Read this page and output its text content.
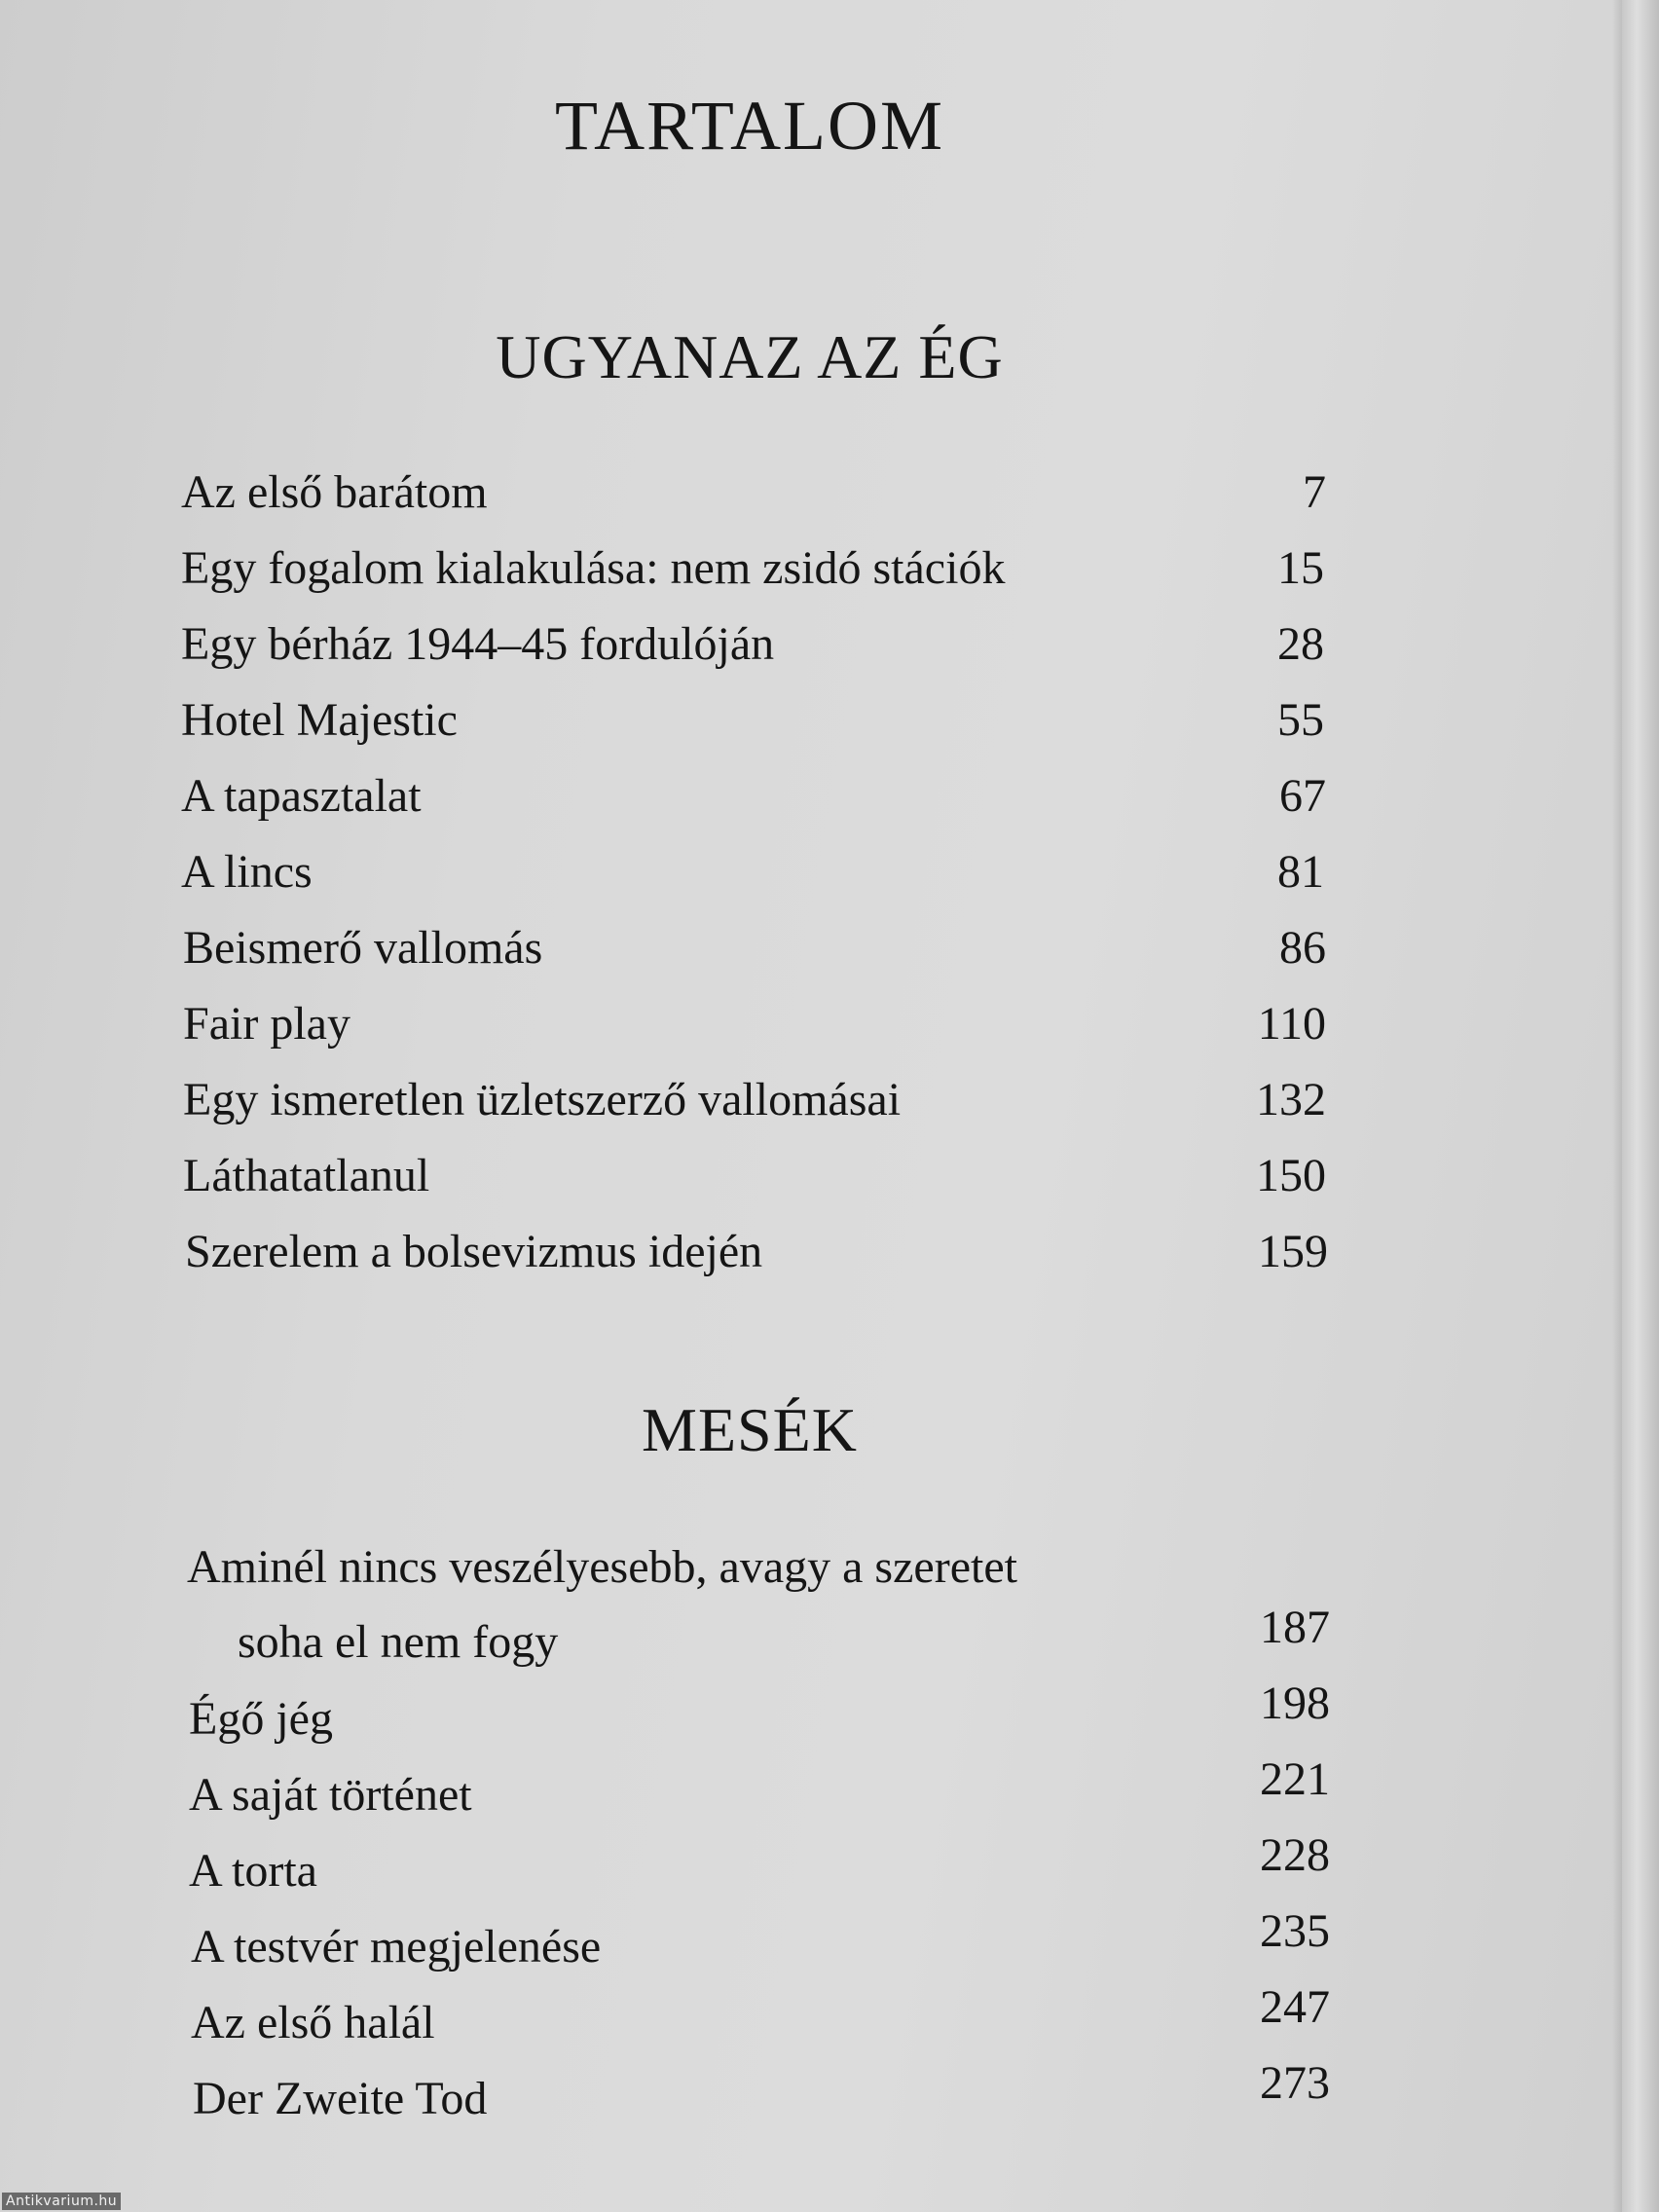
TARTALOM
UGYANAZ AZ ÉG
Az első barátom	7
Egy fogalom kialakulása: nem zsidó stációk	15
Egy bérház 1944–45 fordulóján	28
Hotel Majestic	55
A tapasztalat	67
A lincs	81
Beismerő vallomás	86
Fair play	110
Egy ismeretlen üzletszerző vallomásai	132
Láthatatlanul	150
Szerelem a bolsevizmus idején	159
MESÉK
Aminél nincs veszélyesebb, avagy a szeretet
soha el nem fogy	187
Égő jég	198
A saját történet	221
A torta	228
A testvér megjelenése	235
Az első halál	247
Der Zweite Tod	273
Antikvarium.hu
